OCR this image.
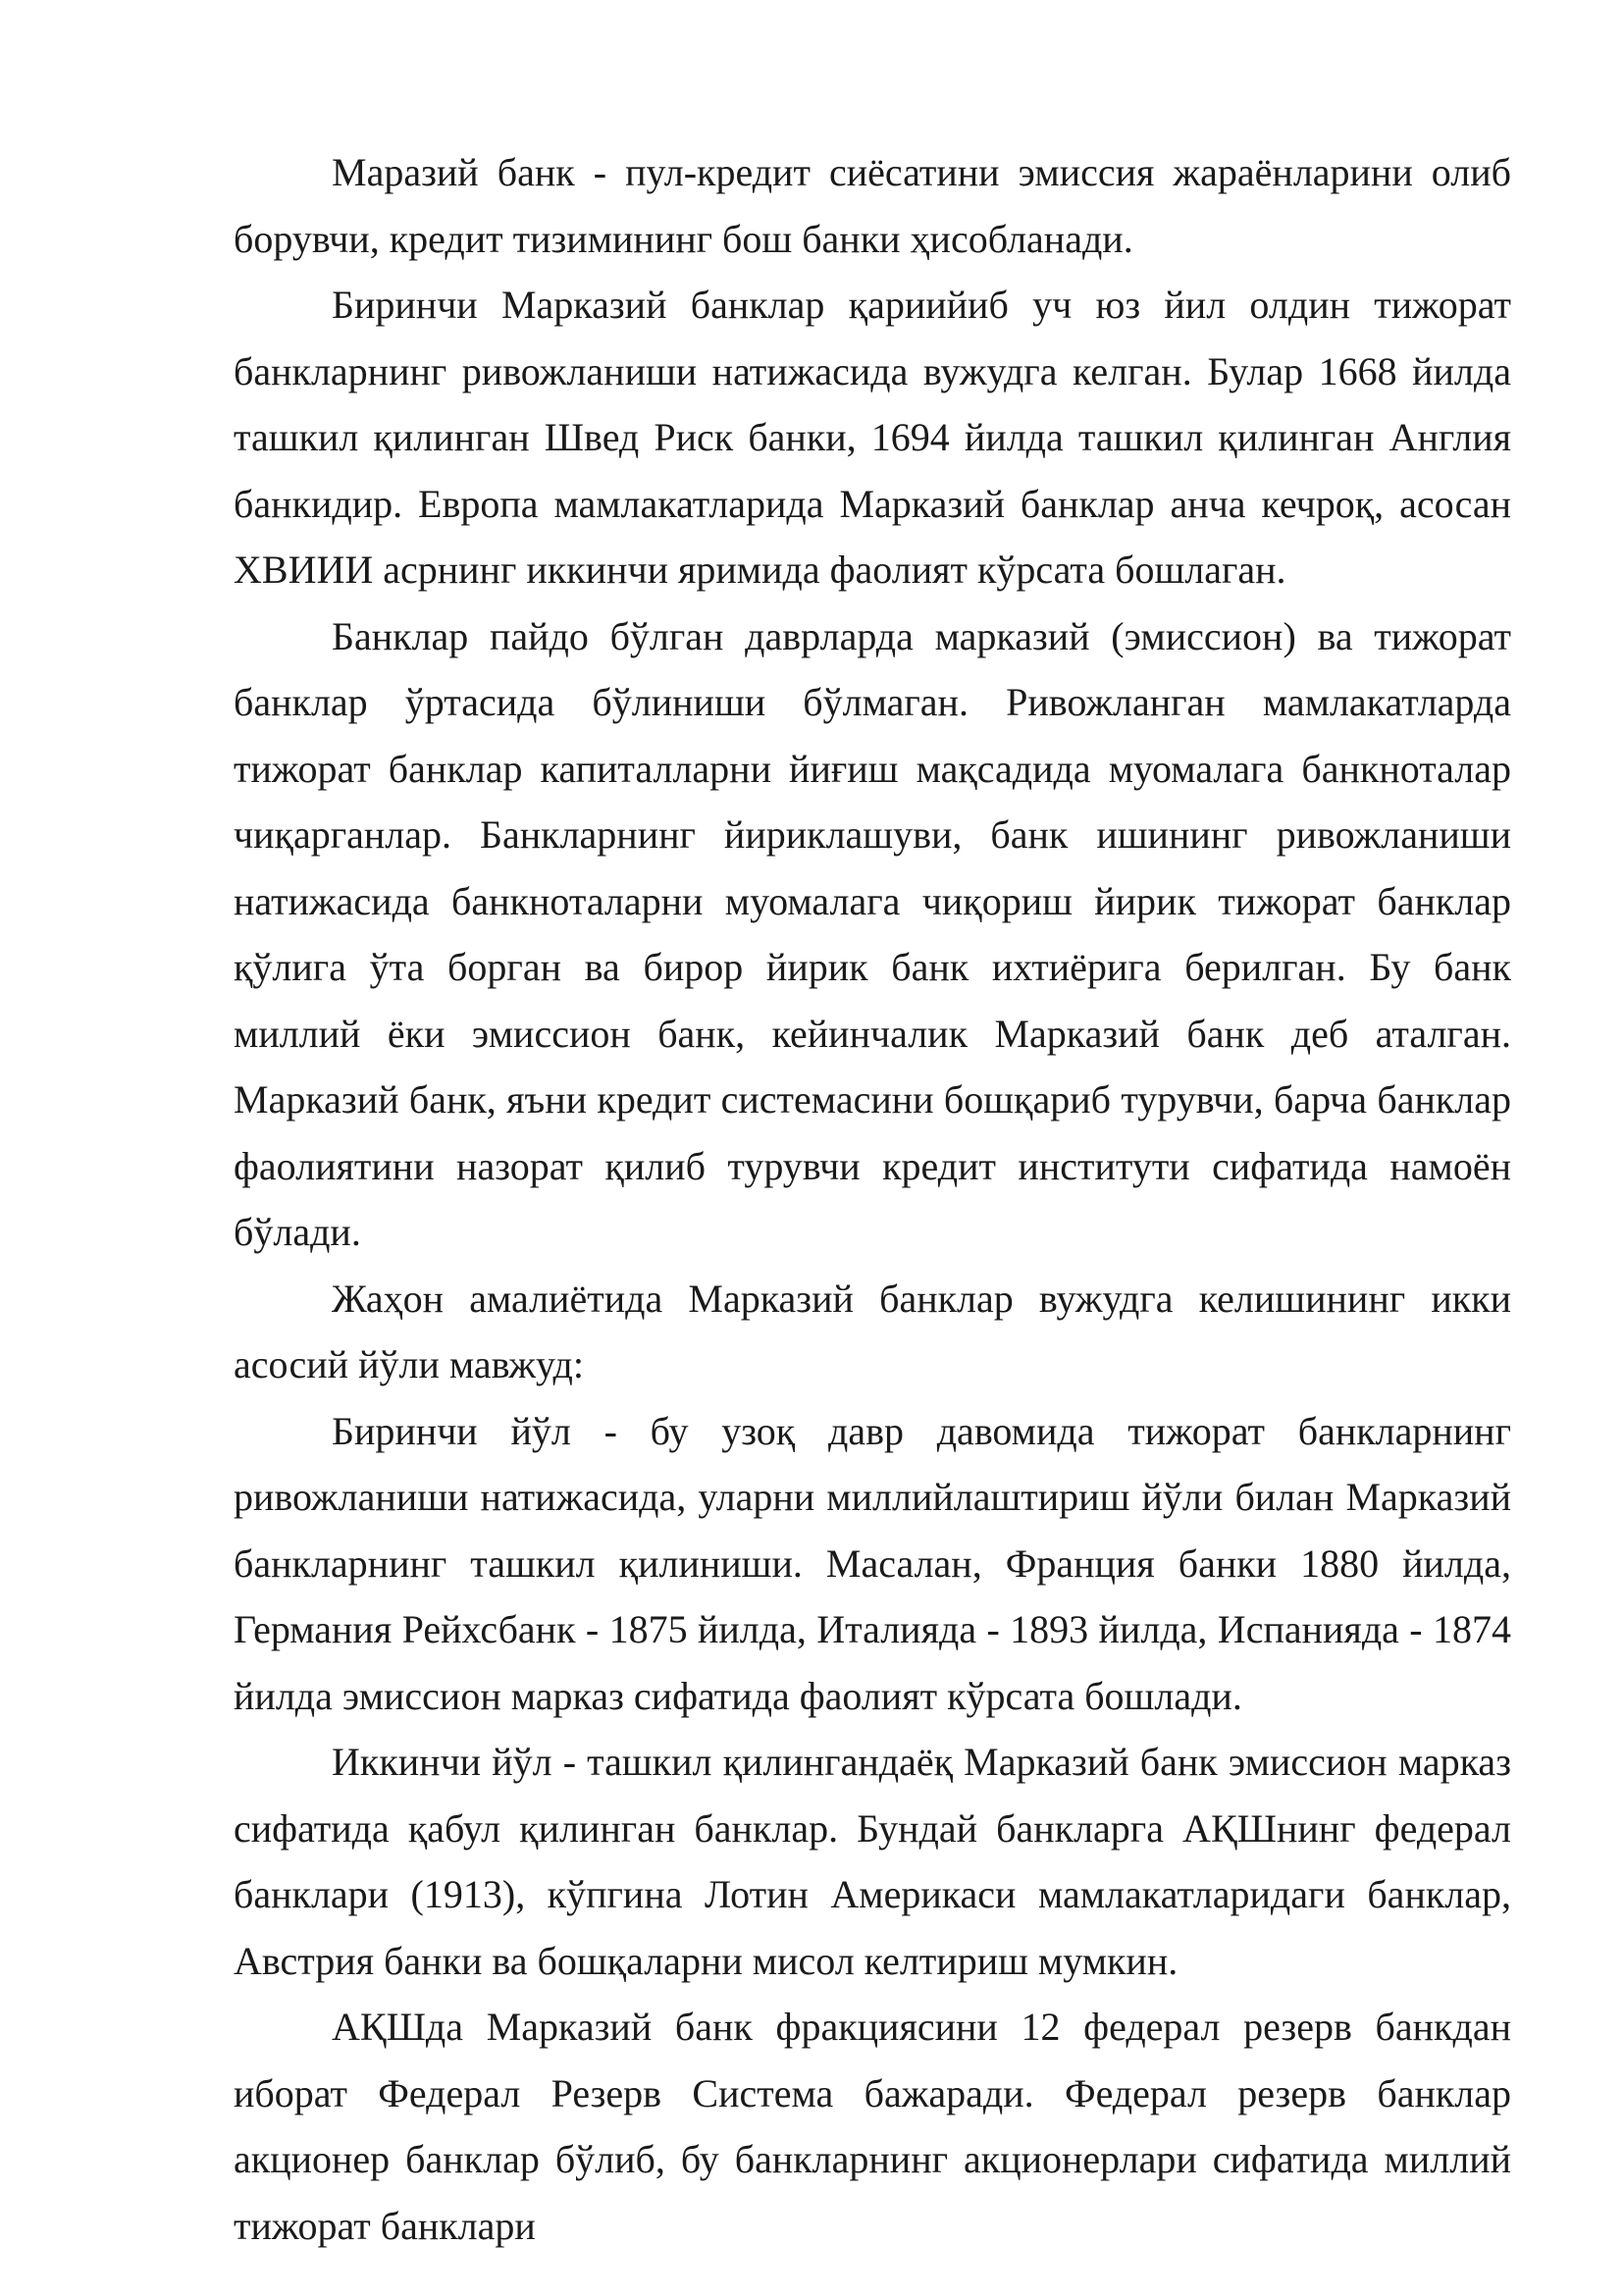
Маразий банк - пул-кредит сиёсатини эмиссия жараёнларини олиб борувчи, кредит тизимининг бош банки ҳисобланади.

Биринчи Марказий банклар қариийиб уч юз йил олдин тижорат банкларнинг ривожланиши натижасида вужудга келган. Булар 1668 йилда ташкил қилинган Швед Риск банки, 1694 йилда ташкил қилинган Англия банкидир. Европа мамлакатларида Марказий банклар анча кечроқ, асосан ХВИИИ асрнинг иккинчи яримида фаолият кўрсата бошлаган.

Банклар пайдо бўлган даврларда марказий (эмиссион) ва тижорат банклар ўртасида бўлиниши бўлмаган. Ривожланган мамлакатларда тижорат банклар капиталларни йиғиш мақсадида муомалага банкноталар чиқарганлар. Банкларнинг йириклашуви, банк ишининг ривожланиши натижасида банкноталарни муомалага чиқориш йирик тижорат банклар қўлига ўта борган ва бирор йирик банк ихтиёрига берилган. Бу банк миллий ёки эмиссион банк, кейинчалик Марказий банк деб аталган. Марказий банк, яъни кредит системасини бошқариб турувчи, барча банклар фаолиятини назорат қилиб турувчи кредит институти сифатида намоён бўлади.

Жаҳон амалиётида Марказий банклар вужудга келишининг икки асосий йўли мавжуд:

Биринчи йўл - бу узоқ давр давомида тижорат банкларнинг ривожланиши натижасида, уларни миллийлаштириш йўли билан Марказий банкларнинг ташкил қилиниши. Масалан, Франция банки 1880 йилда, Германия Рейхсбанк - 1875 йилда, Италияда - 1893 йилда, Испанияда - 1874 йилда эмиссион марказ сифатида фаолият кўрсата бошлади.

Иккинчи йўл - ташкил қилингандаёқ Марказий банк эмиссион марказ сифатида қабул қилинган банклар. Бундай банкларга АҚШнинг федерал банклари (1913), кўпгина Лотин Америкаси мамлакатларидаги банклар, Австрия банки ва бошқаларни мисол келтириш мумкин.

АҚШда Марказий банк фракциясини 12 федерал резерв банкдан иборат Федерал Резерв Система бажаради. Федерал резерв банклар акционер банклар бўлиб, бу банкларнинг акционерлари сифатида миллий тижорат банклари
